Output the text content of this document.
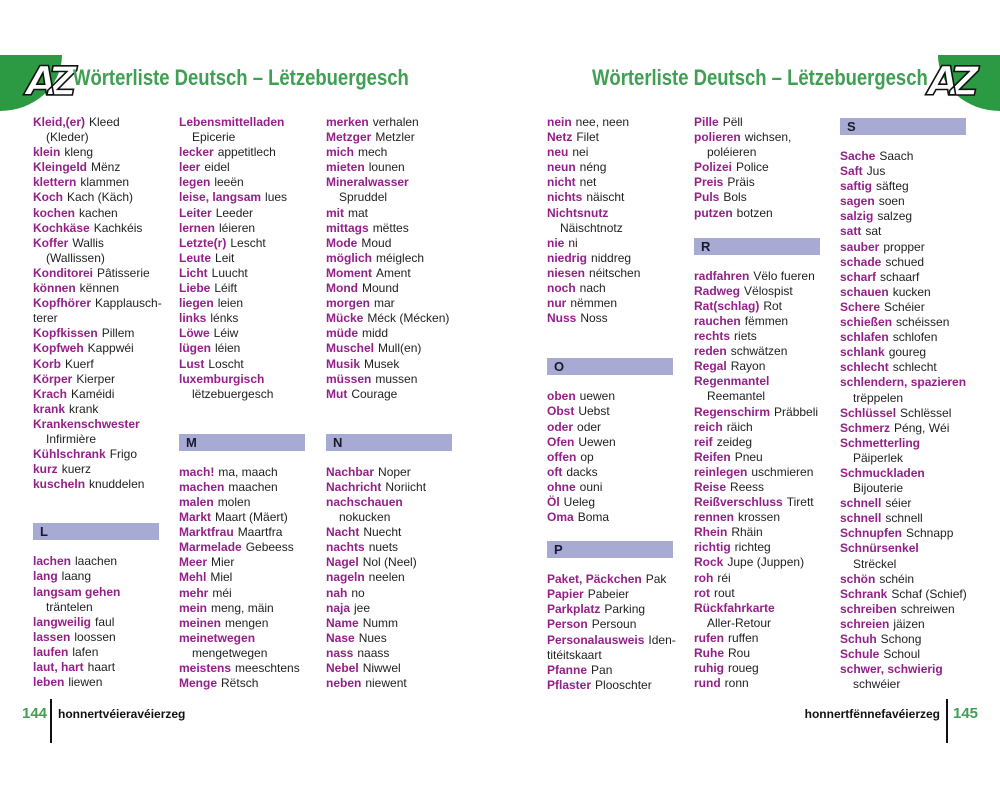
AZ Wörterliste Deutsch – Lëtzebuergesch
144 honnertvéieravéierzeg
Kleid,(er) Kleed
(Kleder)
klein kleng
Kleingeld Mënz
klettern klammen
Koch Kach (Käch)
kochen kachen
Kochkäse Kachkéis
Koffer Wallis
(Wallissen)
Konditorei Pâtisserie
können kënnen
Kopfhörer Kapplausch-
terer
Kopfkissen Pillem
Kopfweh Kappwéi
Korb Kuerf
Körper Kierper
Krach Kaméidi
krank krank
Krankenschwester
Infirmière
Kühlschrank Frigo
kurz kuerz
kuscheln knuddelen
L
lachen laachen
lang laang
langsam gehen
träntelen
langweilig faul
lassen loossen
laufen lafen
laut, hart haart
leben liewen
Lebensmittelladen
Epicerie
lecker appetitlech
leer eidel
legen leeën
leise, langsam lues
Leiter Leeder
lernen léieren
Letzte(r) Lescht
Leute Leit
Licht Luucht
Liebe Léift
liegen leien
links lénks
Löwe Léiw
lügen léien
Lust Loscht
luxemburgisch
lëtzebuergesch
M
mach! ma, maach
machen maachen
malen molen
Markt Maart (Mäert)
Marktfrau Maartfra
Marmelade Gebeess
Meer Mier
Mehl Miel
mehr méi
mein meng, mäin
meinen mengen
meinetwegen
mengetwegen
meistens meeschtens
Menge Rëtsch
merken verhalen
Metzger Metzler
mich mech
mieten lounen
Mineralwasser
Spruddel
mit mat
mittags mëttes
Mode Moud
möglich méiglech
Moment Ament
Mond Mound
morgen mar
Mücke Méck (Mécken)
müde midd
Muschel Mull(en)
Musik Musek
müssen mussen
Mut Courage
N
Nachbar Noper
Nachricht Noriicht
nachschauen
nokucken
Nacht Nuecht
nachts nuets
Nagel Nol (Neel)
nageln neelen
nah no
naja jee
Name Numm
Nase Nues
nass naass
Nebel Niwwel
neben niewent
AZ
Wörterliste Deutsch – Lëtzebuergesch
honnertfënnefavéierzeg 145
nein nee, neen
Netz Filet
neu nei
neun néng
nicht net
nichts näischt
Nichtsnutz
Näischtnotz
nie ni
niedrig niddreg
niesen néitschen
noch nach
nur nëmmen
Nuss Noss
O
oben uewen
Obst Uebst
oder oder
Ofen Uewen
offen op
oft dacks
ohne ouni
Öl Ueleg
Oma Boma
P
Paket, Päckchen Pak
Papier Pabeier
Parkplatz Parking
Person Persoun
Personalausweis Iden-
titéitskaart
Pfanne Pan
Pflaster Plooschter
Pille Pëll
polieren wichsen,
poléieren
Polizei Police
Preis Präis
Puls Bols
putzen botzen
R
radfahren Vëlo fueren
Radweg Vëlospist
Rat(schlag) Rot
rauchen fëmmen
rechts riets
reden schwätzen
Regal Rayon
Regenmantel
Reemantel
Regenschirm Präbbeli
reich räich
reif zeideg
Reifen Pneu
reinlegen uschmieren
Reise Reess
Reißverschluss Tirett
rennen krossen
Rhein Rhäin
richtig richteg
Rock Jupe (Juppen)
roh réi
rot rout
Rückfahrkarte
Aller-Retour
rufen ruffen
Ruhe Rou
ruhig roueg
rund ronn
S
Sache Saach
Saft Jus
saftig säfteg
sagen soen
salzig salzeg
satt sat
sauber propper
schade schued
scharf schaarf
schauen kucken
Schere Schéier
schießen schéissen
schlafen schlofen
schlank goureg
schlecht schlecht
schlendern, spazieren
trëppelen
Schlüssel Schlëssel
Schmerz Péng, Wéi
Schmetterling
Päiperlek
Schmuckladen
Bijouterie
schnell séier
schnell schnell
Schnupfen Schnapp
Schnürsenkel
Strëckel
schön schéin
Schrank Schaf (Schief)
schreiben schreiwen
schreien jäizen
Schuh Schong
Schule Schoul
schwer, schwierig
schwéier
